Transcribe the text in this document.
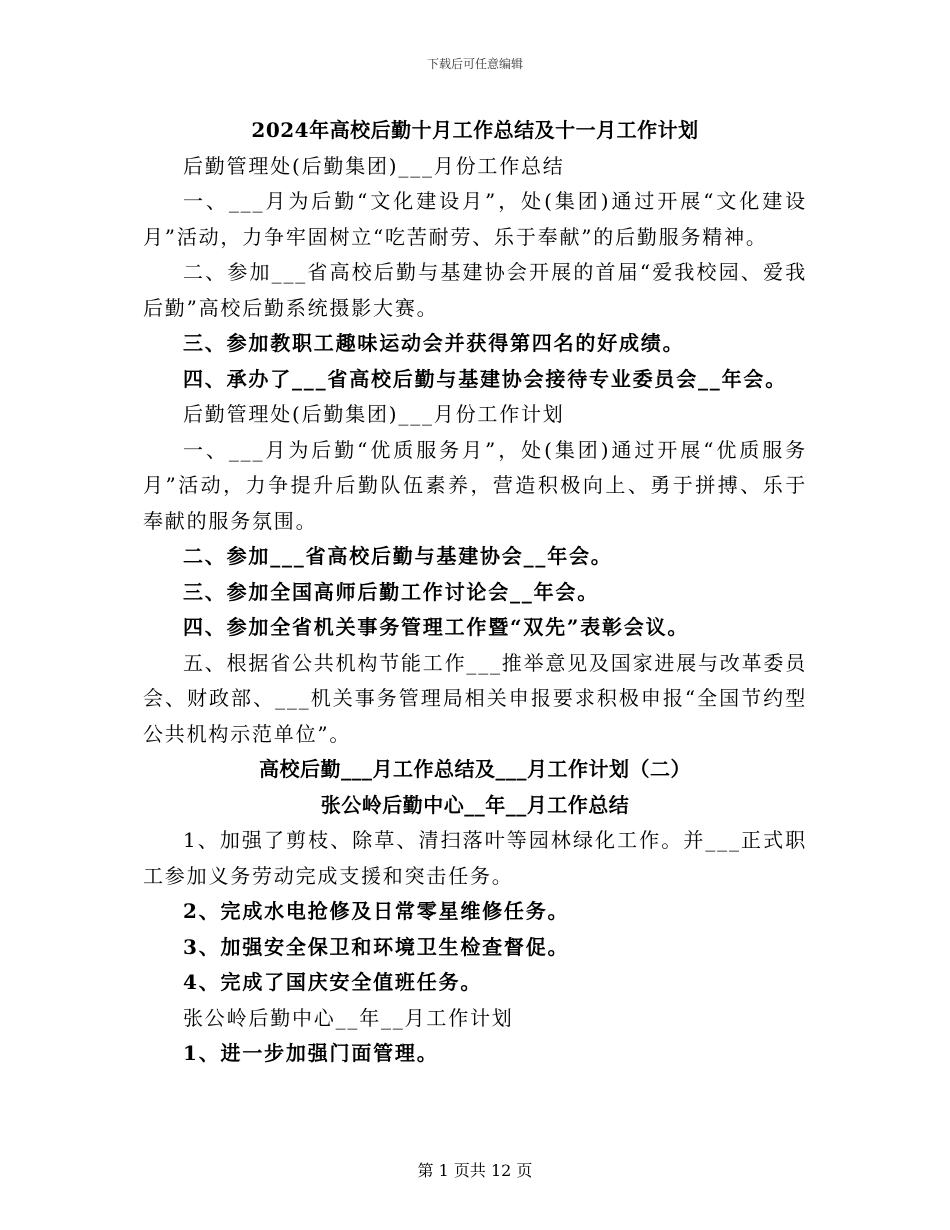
下载后可任意编辑

2024年高校后勤十月工作总结及十一月工作计划

后勤管理处(后勤集团)___月份工作总结

一、___月为后勤“文化建设月”，处(集团)通过开展“文化建设月”活动，力争牢固树立“吃苦耐劳、乐于奉献”的后勤服务精神。

二、参加___省高校后勤与基建协会开展的首届“爱我校园、爱我后勤”高校后勤系统摄影大赛。

三、参加教职工趣味运动会并获得第四名的好成绩。

四、承办了___省高校后勤与基建协会接待专业委员会__年会。

后勤管理处(后勤集团)___月份工作计划

一、___月为后勤“优质服务月”，处(集团)通过开展“优质服务月”活动，力争提升后勤队伍素养，营造积极向上、勇于拼搏、乐于奉献的服务氛围。

二、参加___省高校后勤与基建协会__年会。

三、参加全国高师后勤工作讨论会__年会。

四、参加全省机关事务管理工作暨“双先”表彰会议。

五、根据省公共机构节能工作___推举意见及国家进展与改革委员会、财政部、___机关事务管理局相关申报要求积极申报“全国节约型公共机构示范单位”。

高校后勤___月工作总结及___月工作计划（二）

张公岭后勤中心__年__月工作总结

1、加强了剪枝、除草、清扫落叶等园林绿化工作。并___正式职工参加义务劳动完成支援和突击任务。

2、完成水电抢修及日常零星维修任务。

3、加强安全保卫和环境卫生检查督促。

4、完成了国庆安全值班任务。

张公岭后勤中心__年__月工作计划

1、进一步加强门面管理。

第 1 页共 12 页
